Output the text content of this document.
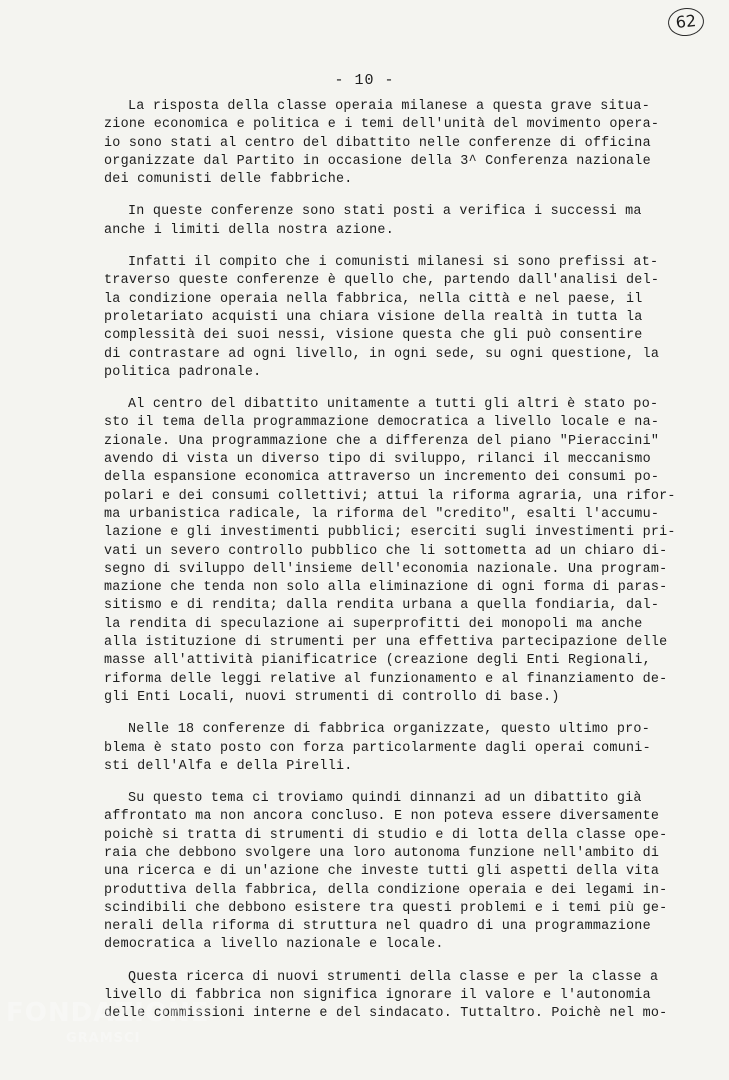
62
- 10 -
La risposta della classe operaia milanese a questa grave situa-
zione economica e politica e i temi dell'unità del movimento opera-
io sono stati al centro del dibattito nelle conferenze di officina
organizzate dal Partito in occasione della 3^ Conferenza nazionale
dei comunisti delle fabbriche.
In queste conferenze sono stati posti a verifica i successi ma
anche i limiti della nostra azione.
Infatti il compito che i comunisti milanesi si sono prefissi at-
traverso queste conferenze è quello che, partendo dall'analisi del-
la condizione operaia nella fabbrica, nella città e nel paese, il
proletariato acquisti una chiara visione della realtà in tutta la
complessità dei suoi nessi, visione questa che gli può consentire
di contrastare ad ogni livello, in ogni sede, su ogni questione, la
politica padronale.
Al centro del dibattito unitamente a tutti gli altri è stato po-
sto il tema della programmazione democratica a livello locale e na-
zionale. Una programmazione che a differenza del piano "Pieraccini"
avendo di vista un diverso tipo di sviluppo, rilanci il meccanismo
della espansione economica attraverso un incremento dei consumi po-
polari e dei consumi collettivi; attui la riforma agraria, una rifor-
ma urbanistica radicale, la riforma del "credito", esalti l'accumu-
lazione e gli investimenti pubblici; eserciti sugli investimenti pri-
vati un severo controllo pubblico che li sottometta ad un chiaro di-
segno di sviluppo dell'insieme dell'economia nazionale. Una program-
mazione che tenda non solo alla eliminazione di ogni forma di paras-
sitismo e di rendita; dalla rendita urbana a quella fondiaria, dal-
la rendita di speculazione ai superprofitti dei monopoli ma anche
alla istituzione di strumenti per una effettiva partecipazione delle
masse all'attività pianificatrice (creazione degli Enti Regionali,
riforma delle leggi relative al funzionamento e al finanziamento de-
gli Enti Locali, nuovi strumenti di controllo di base.)
Nelle 18 conferenze di fabbrica organizzate, questo ultimo pro-
blema è stato posto con forza particolarmente dagli operai comuni-
sti dell'Alfa e della Pirelli.
Su questo tema ci troviamo quindi dinnanzi ad un dibattito già
affrontato ma non ancora concluso. E non poteva essere diversamente
poichè si tratta di strumenti di studio e di lotta della classe ope-
raia che debbono svolgere una loro autonoma funzione nell'ambito di
una ricerca e di un'azione che investe tutti gli aspetti della vita
produttiva della fabbrica, della condizione operaia e dei legami in-
scindibili che debbono esistere tra questi problemi e i temi più ge-
nerali della riforma di struttura nel quadro di una programmazione
democratica a livello nazionale e locale.
Questa ricerca di nuovi strumenti della classe e per la classe a
livello di fabbrica non significa ignorare il valore e l'autonomia
delle commissioni interne e del sindacato. Tuttaltro. Poichè nel mo-
FONDAZIONE
GRAMSCI
